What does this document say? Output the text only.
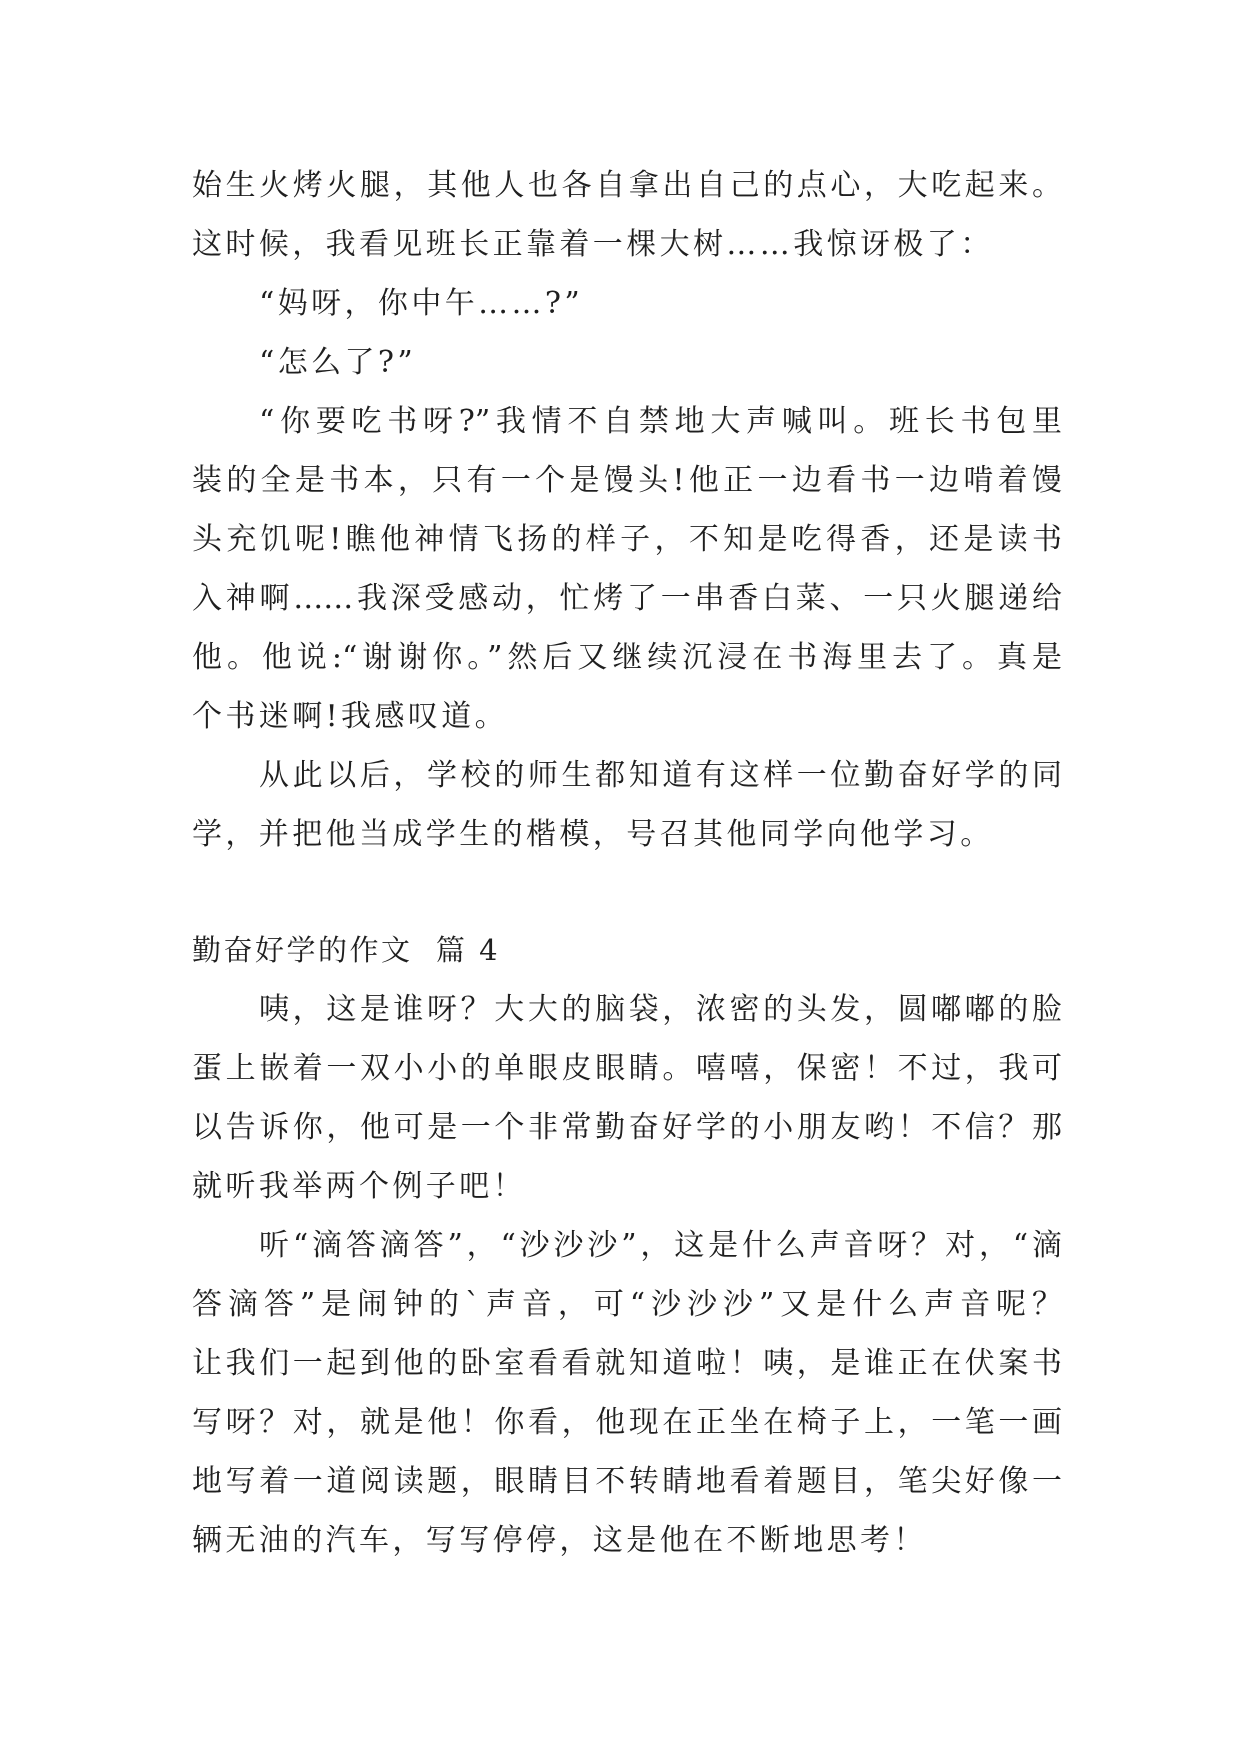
始生火烤火腿，其他人也各自拿出自己的点心，大吃起来。
这时候，我看见班长正靠着一棵大树……我惊讶极了：
“妈呀，你中午……?”
“怎么了?”
“你要吃书呀?”我情不自禁地大声喊叫。班长书包里
装的全是书本，只有一个是馒头!他正一边看书一边啃着馒
头充饥呢!瞧他神情飞扬的样子，不知是吃得香，还是读书
入神啊……我深受感动，忙烤了一串香白菜、一只火腿递给
他。他说:“谢谢你。”然后又继续沉浸在书海里去了。真是
个书迷啊!我感叹道。
从此以后，学校的师生都知道有这样一位勤奋好学的同
学，并把他当成学生的楷模，号召其他同学向他学习。
勤奋好学的作文  篇 4
咦，这是谁呀？大大的脑袋，浓密的头发，圆嘟嘟的脸
蛋上嵌着一双小小的单眼皮眼睛。嘻嘻，保密！不过，我可
以告诉你，他可是一个非常勤奋好学的小朋友哟！不信？那
就听我举两个例子吧！
听“滴答滴答”，“沙沙沙”，这是什么声音呀？对，“滴
答滴答”是闹钟的`声音，可“沙沙沙”又是什么声音呢？
让我们一起到他的卧室看看就知道啦！咦，是谁正在伏案书
写呀？对，就是他！你看，他现在正坐在椅子上，一笔一画
地写着一道阅读题，眼睛目不转睛地看着题目，笔尖好像一
辆无油的汽车，写写停停，这是他在不断地思考！
